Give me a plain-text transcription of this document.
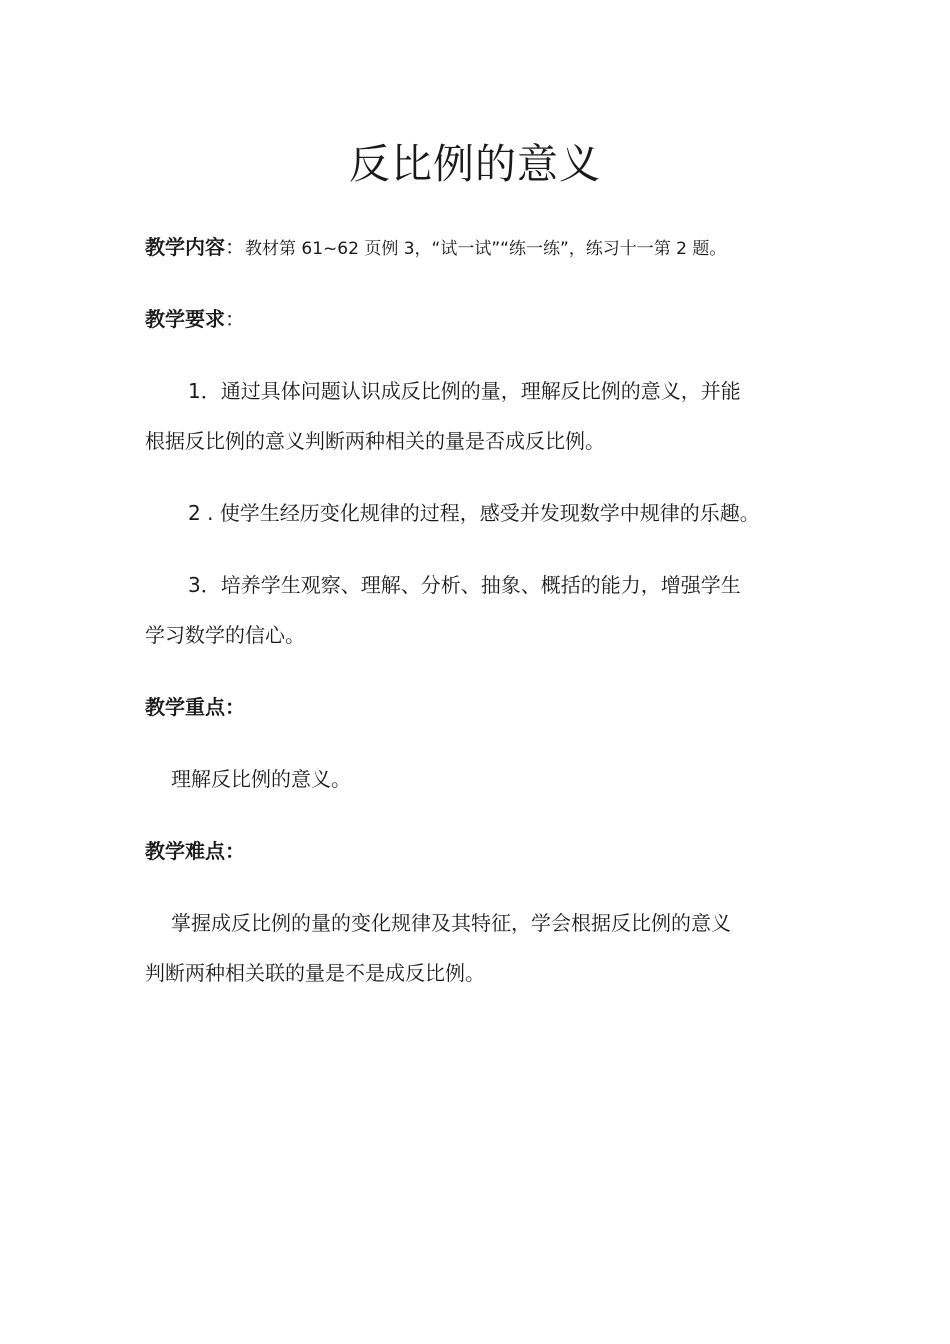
反比例的意义
教学内容：教材第 61~62 页例 3，“试一试”“练一练”，练习十一第 2 题。
教学要求：
1．通过具体问题认识成反比例的量，理解反比例的意义，并能
根据反比例的意义判断两种相关的量是否成反比例。
2 . 使学生经历变化规律的过程，感受并发现数学中规律的乐趣。
3．培养学生观察、理解、分析、抽象、概括的能力，增强学生
学习数学的信心。
教学重点：
理解反比例的意义。
教学难点：
掌握成反比例的量的变化规律及其特征，学会根据反比例的意义
判断两种相关联的量是不是成反比例。
